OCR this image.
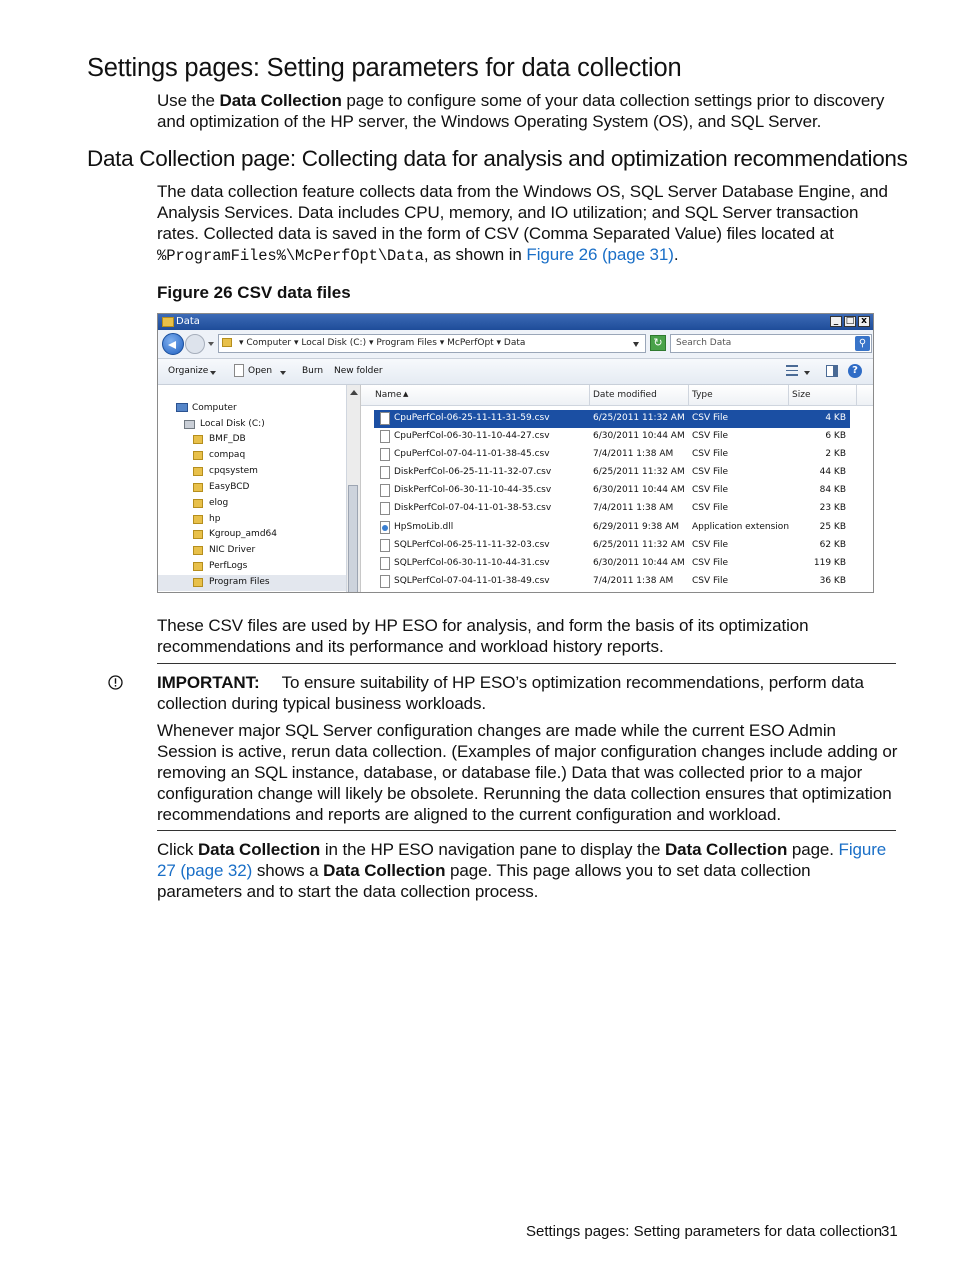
Settings pages: Setting parameters for data collection

Use the Data Collection page to configure some of your data collection settings prior to discovery and optimization of the HP server, the Windows Operating System (OS), and SQL Server.

Data Collection page: Collecting data for analysis and optimization recommendations

The data collection feature collects data from the Windows OS, SQL Server Database Engine, and Analysis Services. Data includes CPU, memory, and IO utilization; and SQL Server transaction rates. Collected data is saved in the form of CSV (Comma Separated Value) files located at %ProgramFiles%\McPerfOpt\Data, as shown in Figure 26 (page 31).

Figure 26 CSV data files

Data	_ □ x
▾ Computer ▾ Local Disk (C:) ▾ Program Files ▾ McPerfOpt ▾ Data	↻	Search Data	⚲
Organize	Open	Burn New folder	?
Computer
Local Disk (C:)
BMF_DB
compaq
cpqsystem
EasyBCD
elog
hp
Kgroup_amd64
NIC Driver
PerfLogs
Program Files
Name ▲	Date modified	Type	Size
CpuPerfCol-06-25-11-11-31-59.csv	6/25/2011 11:32 AM CSV File	4 KB
CpuPerfCol-06-30-11-10-44-27.csv	6/30/2011 10:44 AM CSV File	6 KB
CpuPerfCol-07-04-11-01-38-45.csv	7/4/2011 1:38 AM CSV File	2 KB
DiskPerfCol-06-25-11-11-32-07.csv	6/25/2011 11:32 AM CSV File	44 KB
DiskPerfCol-06-30-11-10-44-35.csv	6/30/2011 10:44 AM CSV File	84 KB
DiskPerfCol-07-04-11-01-38-53.csv	7/4/2011 1:38 AM CSV File	23 KB
HpSmoLib.dll	6/29/2011 9:38 AM Application extension	25 KB
SQLPerfCol-06-25-11-11-32-03.csv	6/25/2011 11:32 AM CSV File	62 KB
SQLPerfCol-06-30-11-10-44-31.csv	6/30/2011 10:44 AM CSV File	119 KB
SQLPerfCol-07-04-11-01-38-49.csv	7/4/2011 1:38 AM CSV File	36 KB

These CSV files are used by HP ESO for analysis, and form the basis of its optimization recommendations and its performance and workload history reports.

IMPORTANT: To ensure suitability of HP ESO’s optimization recommendations, perform data collection during typical business workloads.

Whenever major SQL Server configuration changes are made while the current ESO Admin Session is active, rerun data collection. (Examples of major configuration changes include adding or removing an SQL instance, database, or database file.) Data that was collected prior to a major configuration change will likely be obsolete. Rerunning the data collection ensures that optimization recommendations and reports are aligned to the current configuration and workload.

Click Data Collection in the HP ESO navigation pane to display the Data Collection page. Figure 27 (page 32) shows a Data Collection page. This page allows you to set data collection parameters and to start the data collection process.

Settings pages: Setting parameters for data collection
31
